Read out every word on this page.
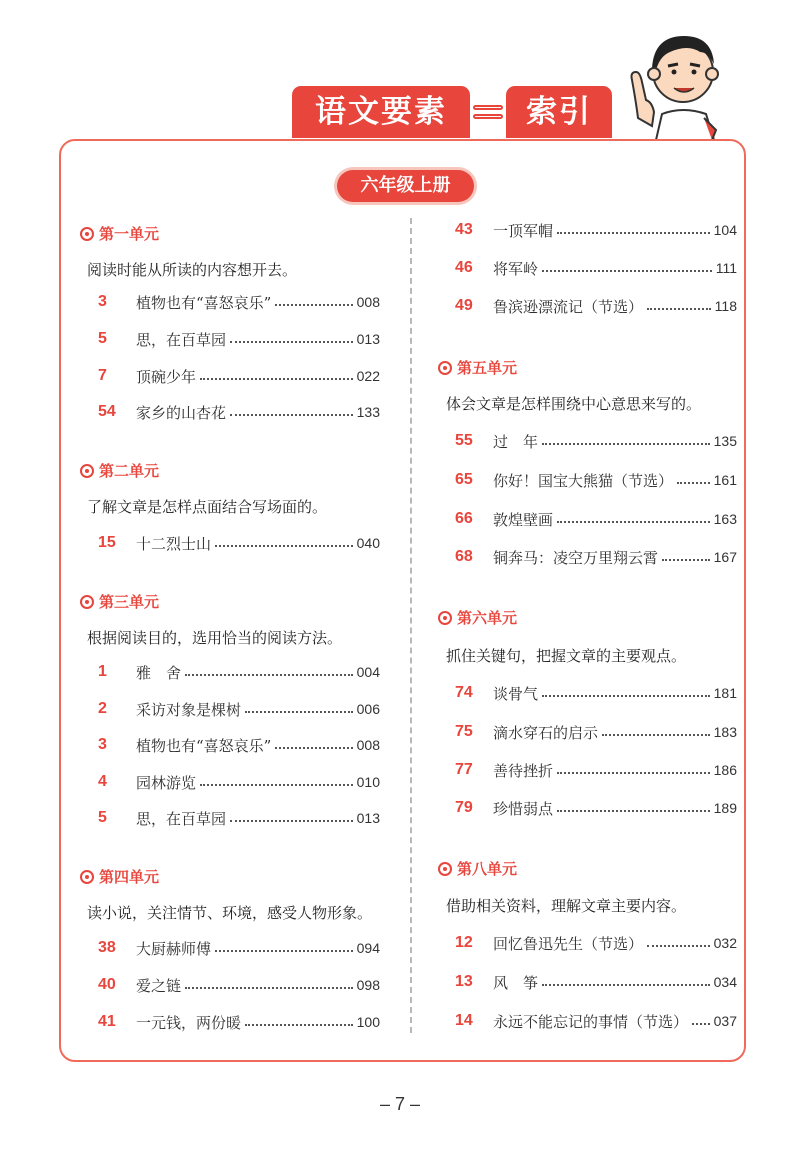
语文要素	索引
六年级上册
第一单元
阅读时能从所读的内容想开去。
3	植物也有“喜怒哀乐”	008
5	思，在百草园	013
7	顶碗少年	022
54	家乡的山杏花	133
第二单元
了解文章是怎样点面结合写场面的。
15	十二烈士山	040
第三单元
根据阅读目的，选用恰当的阅读方法。
1	雅　舍	004
2	采访对象是棵树	006
3	植物也有“喜怒哀乐”	008
4	园林游览	010
5	思，在百草园	013
第四单元
读小说，关注情节、环境，感受人物形象。
38	大厨赫师傅	094
40	爱之链	098
41	一元钱，两份暖	100
43	一顶军帽	104
46	将军岭	111
49	鲁滨逊漂流记（节选）	118
第五单元
体会文章是怎样围绕中心意思来写的。
55	过　年	135
65	你好！国宝大熊猫（节选）	161
66	敦煌壁画	163
68	铜奔马：凌空万里翔云霄	167
第六单元
抓住关键句，把握文章的主要观点。
74	谈骨气	181
75	滴水穿石的启示	183
77	善待挫折	186
79	珍惜弱点	189
第八单元
借助相关资料，理解文章主要内容。
12	回忆鲁迅先生（节选）	032
13	风　筝	034
14	永远不能忘记的事情（节选） 037
– 7 –
